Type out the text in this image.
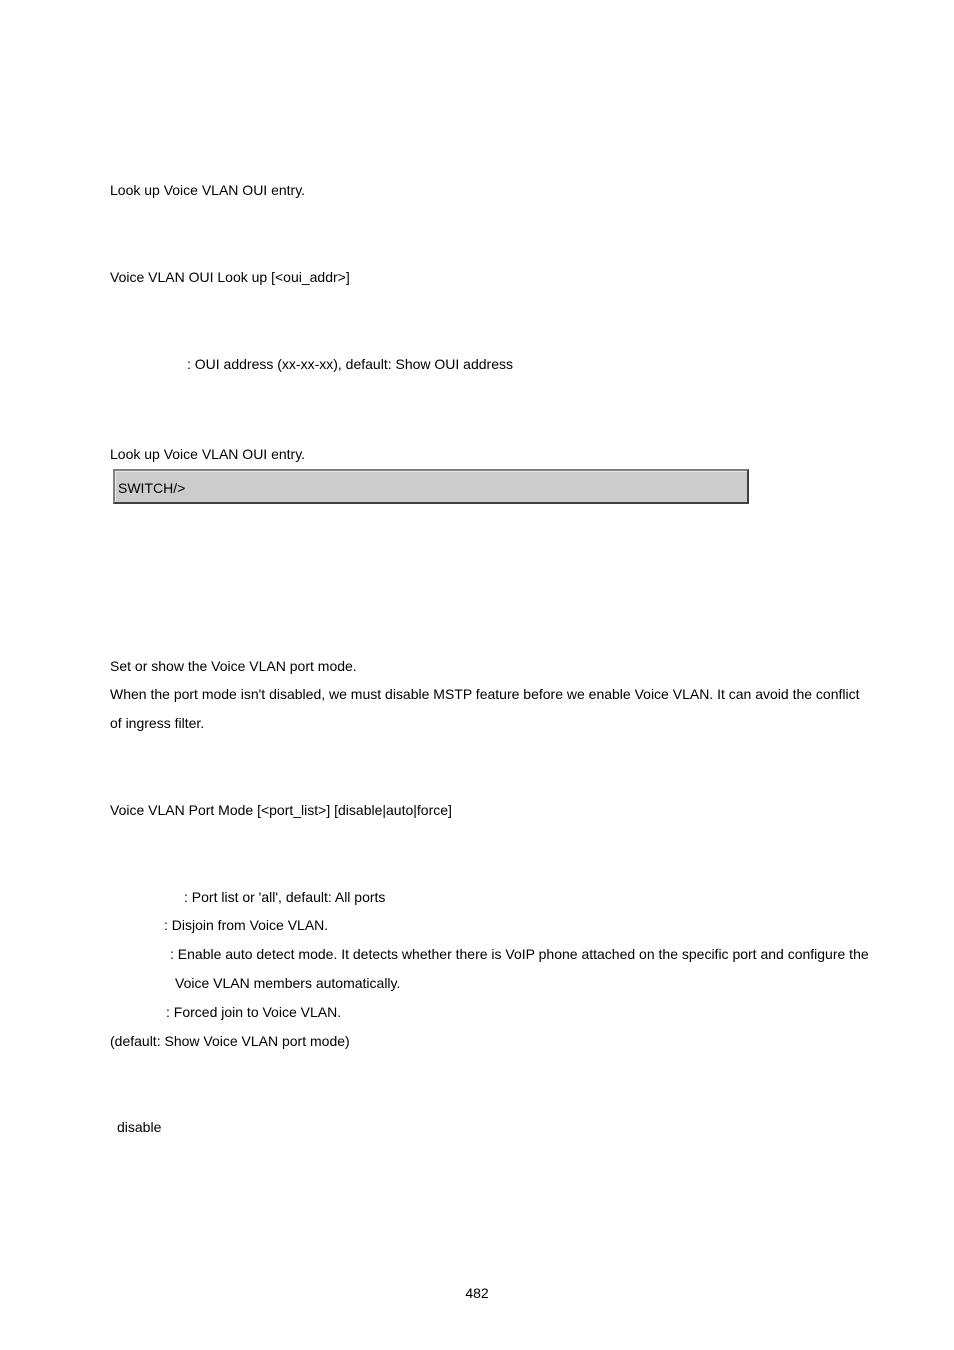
Look up Voice VLAN OUI entry.
Voice VLAN OUI Look up [<oui_addr>]
: OUI address (xx-xx-xx), default: Show OUI address
Look up Voice VLAN OUI entry.
SWITCH/>
Set or show the Voice VLAN port mode.
When the port mode isn't disabled, we must disable MSTP feature before we enable Voice VLAN. It can avoid the conflict
of ingress filter.
Voice VLAN Port Mode [<port_list>] [disable|auto|force]
: Port list or 'all', default: All ports
: Disjoin from Voice VLAN.
: Enable auto detect mode. It detects whether there is VoIP phone attached on the specific port and configure the
Voice VLAN members automatically.
: Forced join to Voice VLAN.
(default: Show Voice VLAN port mode)
disable
482
